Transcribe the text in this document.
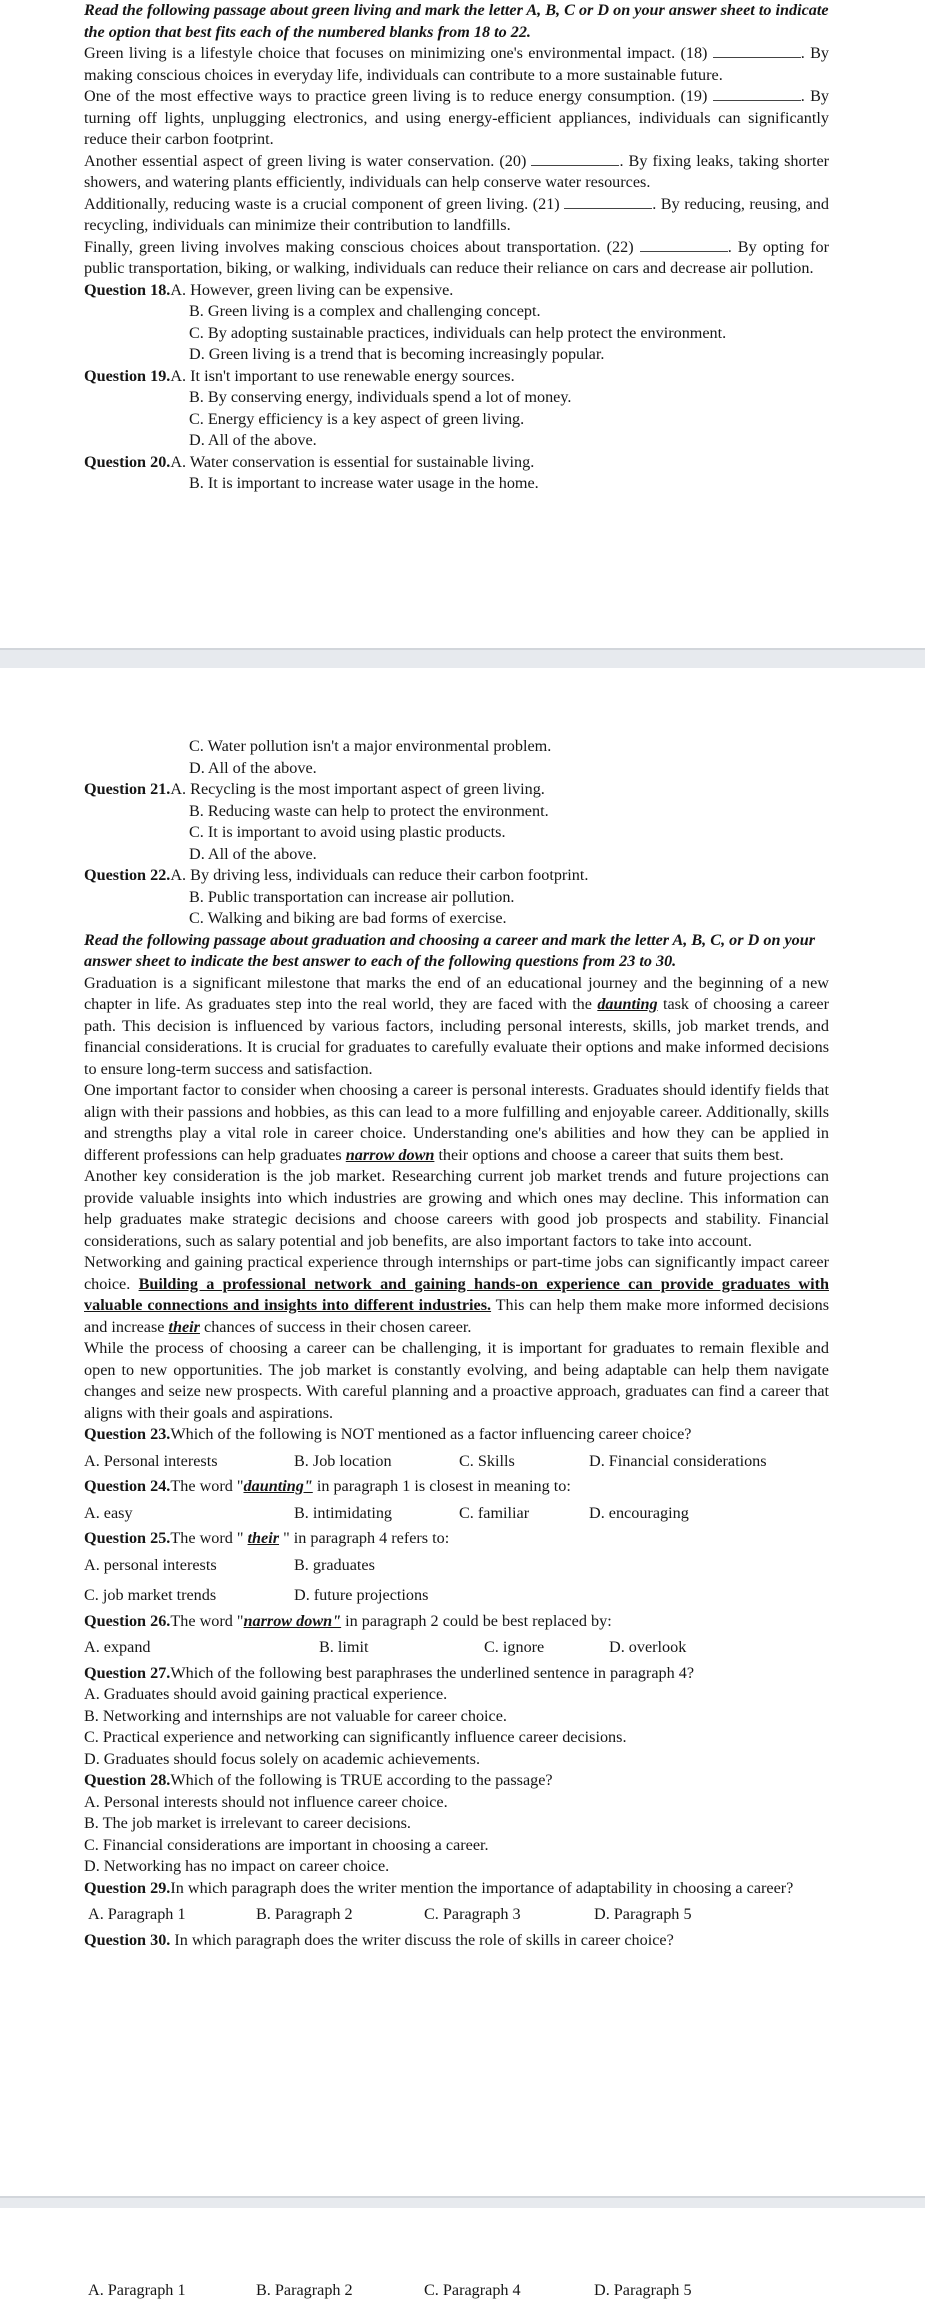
Read the following passage about green living and mark the letter A, B, C or D on your answer sheet to indicate the option that best fits each of the numbered blanks from 18 to 22.

Green living is a lifestyle choice that focuses on minimizing one's environmental impact. (18)	. By making conscious choices in everyday life, individuals can contribute to a more sustainable future.

One of the most effective ways to practice green living is to reduce energy consumption. (19)	. By turning off lights, unplugging electronics, and using energy-efficient appliances, individuals can significantly reduce their carbon footprint.

Another essential aspect of green living is water conservation. (20)	. By fixing leaks, taking shorter showers, and watering plants efficiently, individuals can help conserve water resources.

Additionally, reducing waste is a crucial component of green living. (21)	. By reducing, reusing, and recycling, individuals can minimize their contribution to landfills.

Finally, green living involves making conscious choices about transportation. (22)	. By opting for public transportation, biking, or walking, individuals can reduce their reliance on cars and decrease air pollution.

Question 18.A. However, green living can be expensive.
B. Green living is a complex and challenging concept.
C. By adopting sustainable practices, individuals can help protect the environment.
D. Green living is a trend that is becoming increasingly popular.
Question 19.A. It isn't important to use renewable energy sources.
B. By conserving energy, individuals spend a lot of money.
C. Energy efficiency is a key aspect of green living.
D. All of the above.
Question 20.A. Water conservation is essential for sustainable living.
B. It is important to increase water usage in the home.
C. Water pollution isn't a major environmental problem.
D. All of the above.
Question 21.A. Recycling is the most important aspect of green living.
B. Reducing waste can help to protect the environment.
C. It is important to avoid using plastic products.
D. All of the above.
Question 22.A. By driving less, individuals can reduce their carbon footprint.
B. Public transportation can increase air pollution.
C. Walking and biking are bad forms of exercise.

Read the following passage about graduation and choosing a career and mark the letter A, B, C, or D on your answer sheet to indicate the best answer to each of the following questions from 23 to 30.

Graduation is a significant milestone that marks the end of an educational journey and the beginning of a new chapter in life. As graduates step into the real world, they are faced with the daunting task of choosing a career path. This decision is influenced by various factors, including personal interests, skills, job market trends, and financial considerations. It is crucial for graduates to carefully evaluate their options and make informed decisions to ensure long-term success and satisfaction.

One important factor to consider when choosing a career is personal interests. Graduates should identify fields that align with their passions and hobbies, as this can lead to a more fulfilling and enjoyable career. Additionally, skills and strengths play a vital role in career choice. Understanding one's abilities and how they can be applied in different professions can help graduates narrow down their options and choose a career that suits them best.

Another key consideration is the job market. Researching current job market trends and future projections can provide valuable insights into which industries are growing and which ones may decline. This information can help graduates make strategic decisions and choose careers with good job prospects and stability. Financial considerations, such as salary potential and job benefits, are also important factors to take into account.

Networking and gaining practical experience through internships or part-time jobs can significantly impact career choice. Building a professional network and gaining hands-on experience can provide graduates with valuable connections and insights into different industries. This can help them make more informed decisions and increase their chances of success in their chosen career.

While the process of choosing a career can be challenging, it is important for graduates to remain flexible and open to new opportunities. The job market is constantly evolving, and being adaptable can help them navigate changes and seize new prospects. With careful planning and a proactive approach, graduates can find a career that aligns with their goals and aspirations.

Question 23.Which of the following is NOT mentioned as a factor influencing career choice?
A. Personal interests	B. Job location	C. Skills	D. Financial considerations
Question 24.The word "daunting" in paragraph 1 is closest in meaning to:
A. easy	B. intimidating	C. familiar	D. encouraging
Question 25.The word " their " in paragraph 4 refers to:
A. personal interests	B. graduates
C. job market trends	D. future projections
Question 26.The word "narrow down" in paragraph 2 could be best replaced by:
A. expand	B. limit	C. ignore	D. overlook
Question 27.Which of the following best paraphrases the underlined sentence in paragraph 4?
A. Graduates should avoid gaining practical experience.
B. Networking and internships are not valuable for career choice.
C. Practical experience and networking can significantly influence career decisions.
D. Graduates should focus solely on academic achievements.
Question 28.Which of the following is TRUE according to the passage?
A. Personal interests should not influence career choice.
B. The job market is irrelevant to career decisions.
C. Financial considerations are important in choosing a career.
D. Networking has no impact on career choice.
Question 29.In which paragraph does the writer mention the importance of adaptability in choosing a career?
A. Paragraph 1	B. Paragraph 2	C. Paragraph 3	D. Paragraph 5
Question 30. In which paragraph does the writer discuss the role of skills in career choice?
A. Paragraph 1	B. Paragraph 2	C. Paragraph 4	D. Paragraph 5
